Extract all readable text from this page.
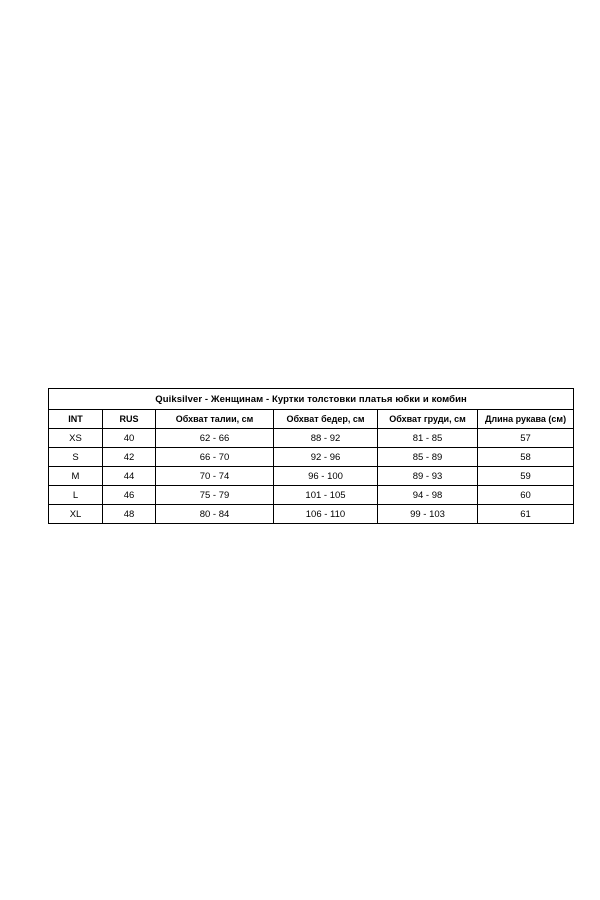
Quiksilver - Женщинам - Куртки толстовки платья юбки и комбин					
INT	RUS	Обхват талии, см	Обхват бедер, см	Обхват груди, см	Длина рукава (см)
XS	40	62 - 66	88 - 92	81 - 85	57
S	42	66 - 70	92 - 96	85 - 89	58
M	44	70 - 74	96 - 100	89 - 93	59
L	46	75 - 79	101 - 105	94 - 98	60
XL	48	80 - 84	106 - 110	99 - 103	61
